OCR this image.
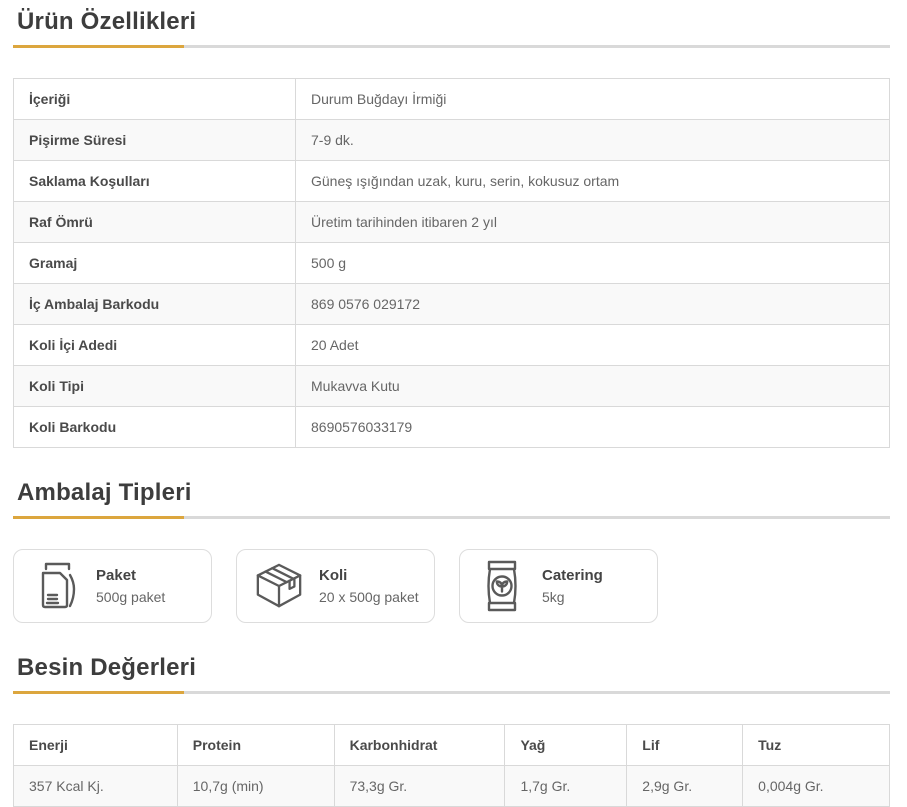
Ürün Özellikleri
İçeriği	Durum Buğdayı İrmiği
Pişirme Süresi	7-9 dk.
Saklama Koşulları	Güneş ışığından uzak, kuru, serin, kokusuz ortam
Raf Ömrü	Üretim tarihinden itibaren 2 yıl
Gramaj	500 g
İç Ambalaj Barkodu	869 0576 029172
Koli İçi Adedi	20 Adet
Koli Tipi	Mukavva Kutu
Koli Barkodu	8690576033179
Ambalaj Tipleri
Paket
500g paket
Koli
20 x 500g paket
Catering
5kg
Besin Değerleri
Enerji	Protein	Karbonhidrat	Yağ	Lif	Tuz
357 Kcal Kj.	10,7g (min)	73,3g Gr.	1,7g Gr.	2,9g Gr.	0,004g Gr.
